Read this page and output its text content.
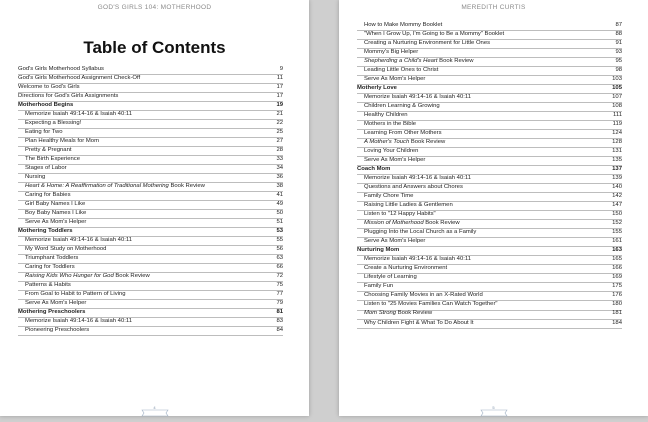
GOD'S GIRLS 104: MOTHERHOOD
Table of Contents
God's Girls Motherhood Syllabus	9
God's Girls Motherhood Assignment Check-Off	11
Welcome to God's Girls	17
Directions for God's Girls Assignments	17
Motherhood Begins	19
Memorize Isaiah 49:14-16 & Isaiah 40:11	21
Expecting a Blessing!	22
Eating for Two	25
Plan Healthy Meals for Mom	27
Pretty & Pregnant	28
The Birth Experience	33
Stages of Labor	34
Nursing	36
Heart & Home: A Reaffirmation of Traditional Mothering Book Review	38
Caring for Babies	41
Girl Baby Names I Like	49
Boy Baby Names I Like	50
Serve As Mom's Helper	51
Mothering Toddlers	53
Memorize Isaiah 49:14-16 & Isaiah 40:11	55
My Word Study on Motherhood	56
Triumphant Toddlers	63
Caring for Toddlers	66
Raising Kids Who Hunger for God Book Review	72
Patterns & Habits	75
From Goal to Habit to Pattern of Living	77
Serve As Mom's Helper	79
Mothering Preschoolers	81
Memorize Isaiah 49:14-16 & Isaiah 40:11	83
Pioneering Preschoolers	84
4
MEREDITH CURTIS
How to Make Mommy Booklet	87
"When I Grow Up, I'm Going to Be a Mommy" Booklet	88
Creating a Nurturing Environment for Little Ones	91
Mommy's Big Helper	93
Shepherding a Child's Heart Book Review	95
Leading Little Ones to Christ	98
Serve As Mom's Helper	103
Motherly Love	105
Memorize Isaiah 49:14-16 & Isaiah 40:11	107
Children Learning & Growing	108
Healthy Children	111
Mothers in the Bible	119
Learning From Other Mothers	124
A Mother's Touch Book Review	128
Loving Your Children	131
Serve As Mom's Helper	135
Coach Mom	137
Memorize Isaiah 49:14-16 & Isaiah 40:11	139
Questions and Answers about Chores	140
Family Chore Time	142
Raising Little Ladies & Gentlemen	147
Listen to "12 Happy Habits"	150
Mission of Motherhood Book Review	152
Plugging Into the Local Church as a Family	155
Serve As Mom's Helper	161
Nurturing Mom	163
Memorize Isaiah 49:14-16 & Isaiah 40:11	165
Create a Nurturing Environment	166
Lifestyle of Learning	169
Family Fun	175
Choosing Family Movies in an X-Rated World	176
Listen to "25 Movies Families Can Watch Together"	180
Mom Strong Book Review	181
Why Children Fight & What To Do About It	184
5
